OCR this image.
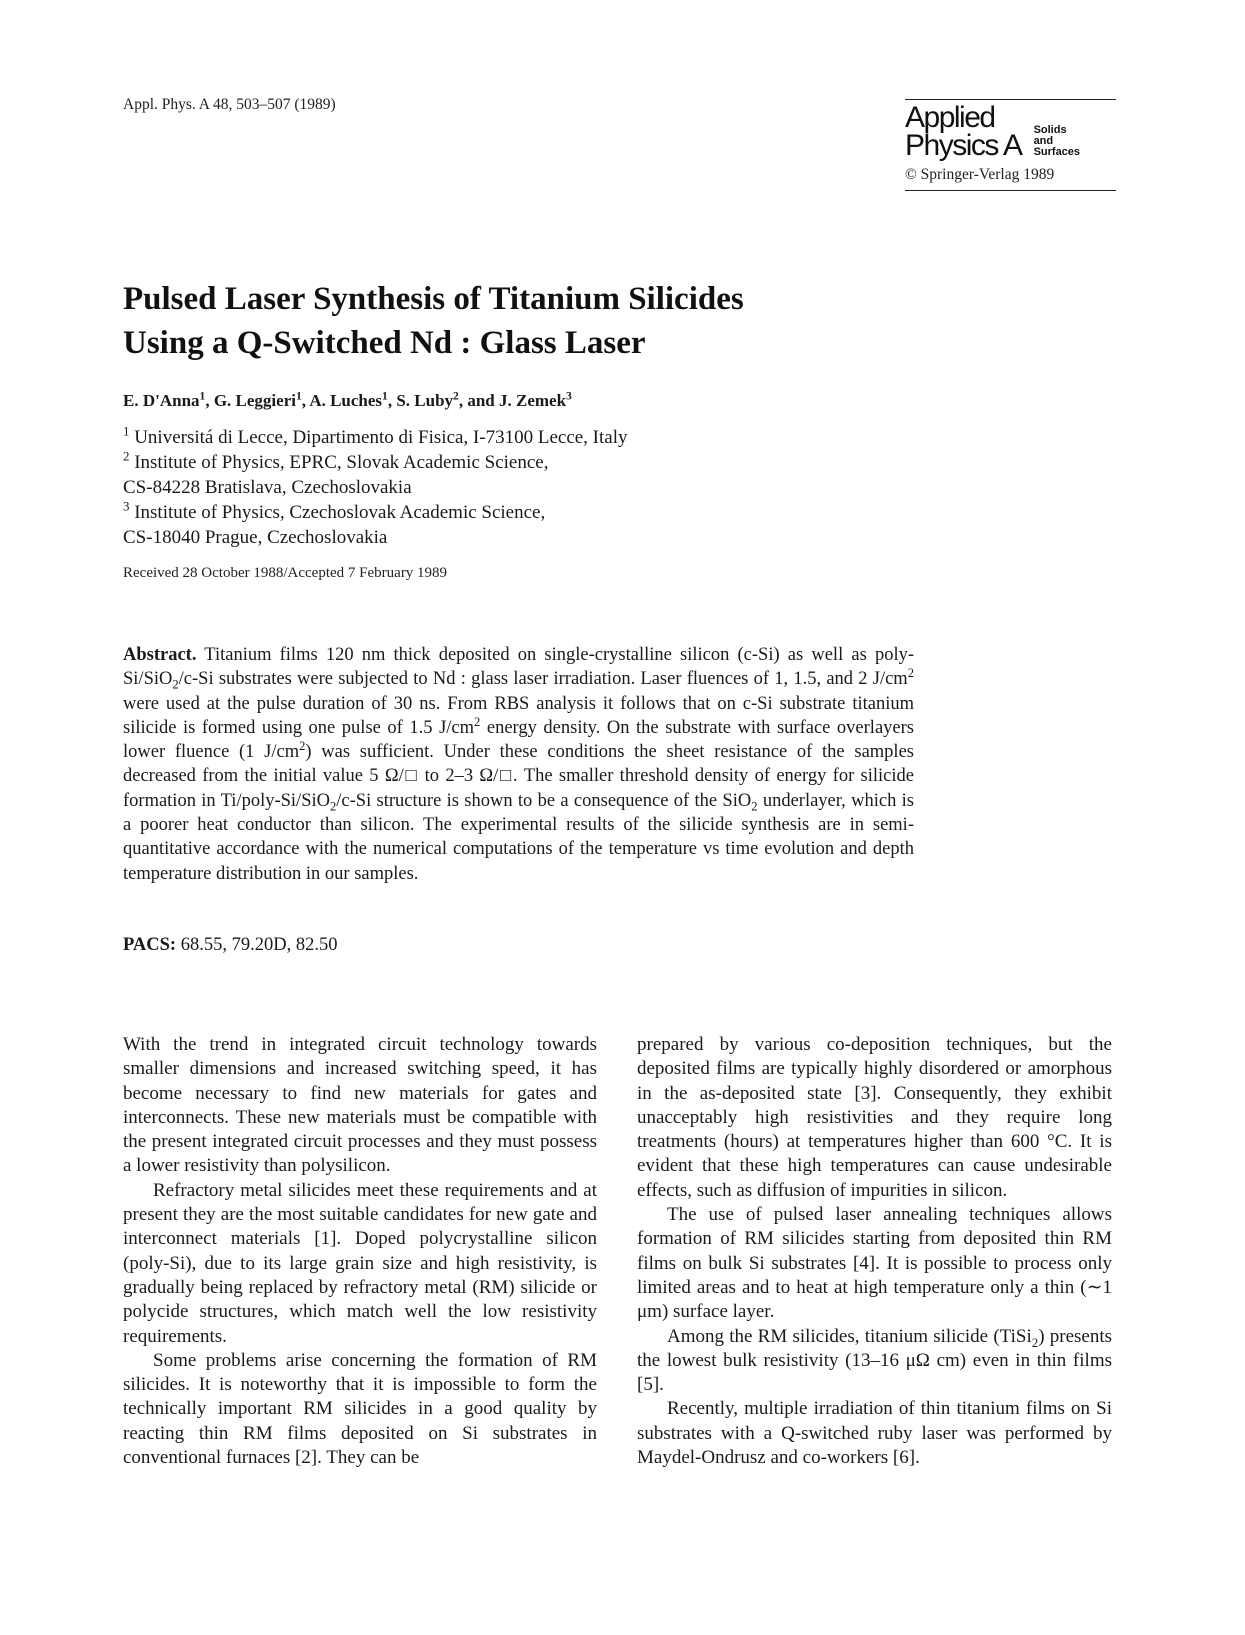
Appl. Phys. A 48, 503–507 (1989)	Applied
Physics A Solids
and
Surfaces
© Springer-Verlag 1989
Pulsed Laser Synthesis of Titanium Silicides
Using a Q-Switched Nd : Glass Laser
E. D'Anna$^1$, G. Leggieri$^1$, A. Luches$^1$, S. Luby$^2$, and J. Zemek$^3$
$^1$ Universitá di Lecce, Dipartimento di Fisica, I-73100 Lecce, Italy
$^2$ Institute of Physics, EPRC, Slovak Academic Science,
CS-84228 Bratislava, Czechoslovakia
$^3$ Institute of Physics, Czechoslovak Academic Science,
CS-18040 Prague, Czechoslovakia
Received 28 October 1988/Accepted 7 February 1989

Abstract. Titanium films 120 nm thick deposited on single-crystalline silicon (c-Si) as well as poly-Si/SiO$_2$/c-Si substrates were subjected to Nd : glass laser irradiation. Laser fluences of 1, 1.5, and 2 $J/cm^2$ were used at the pulse duration of 30 ns. From RBS analysis it follows that on c-Si substrate titanium silicide is formed using one pulse of 1.5 $J/cm^2$ energy density. On the substrate with surface overlayers lower fluence (1 $J/cm^2$) was sufficient. Under these conditions the sheet resistance of the samples decreased from the initial value 5 Ω/□ to 2–3 Ω/□. The smaller threshold density of energy for silicide formation in Ti/poly-Si/SiO$_2$/c-Si structure is shown to be a consequence of the SiO$_2$ underlayer, which is a poorer heat conductor than silicon. The experimental results of the silicide synthesis are in semi-quantitative accordance with the numerical computations of the temperature vs time evolution and depth temperature distribution in our samples.

PACS: 68.55, 79.20D, 82.50

With the trend in integrated circuit technology towards smaller dimensions and increased switching speed, it has become necessary to find new materials for gates and interconnects. These new materials must be compatible with the present integrated circuit processes and they must possess a lower resistivity than polysilicon.

Refractory metal silicides meet these requirements and at present they are the most suitable candidates for new gate and interconnect materials [1]. Doped polycrystalline silicon (poly-Si), due to its large grain size and high resistivity, is gradually being replaced by refractory metal (RM) silicide or polycide structures, which match well the low resistivity requirements.

Some problems arise concerning the formation of RM silicides. It is noteworthy that it is impossible to form the technically important RM silicides in a good quality by reacting thin RM films deposited on Si substrates in conventional furnaces [2]. They can be

prepared by various co-deposition techniques, but the deposited films are typically highly disordered or amorphous in the as-deposited state [3]. Consequently, they exhibit unacceptably high resistivities and they require long treatments (hours) at temperatures higher than 600 °C. It is evident that these high temperatures can cause undesirable effects, such as diffusion of impurities in silicon.

The use of pulsed laser annealing techniques allows formation of RM silicides starting from deposited thin RM films on bulk Si substrates [4]. It is possible to process only limited areas and to heat at high temperature only a thin (∼1 μm) surface layer.

Among the RM silicides, titanium silicide (TiSi$_2$) presents the lowest bulk resistivity (13–16 μΩ cm) even in thin films [5].

Recently, multiple irradiation of thin titanium films on Si substrates with a Q-switched ruby laser was performed by Maydel-Ondrusz and co-workers [6].
